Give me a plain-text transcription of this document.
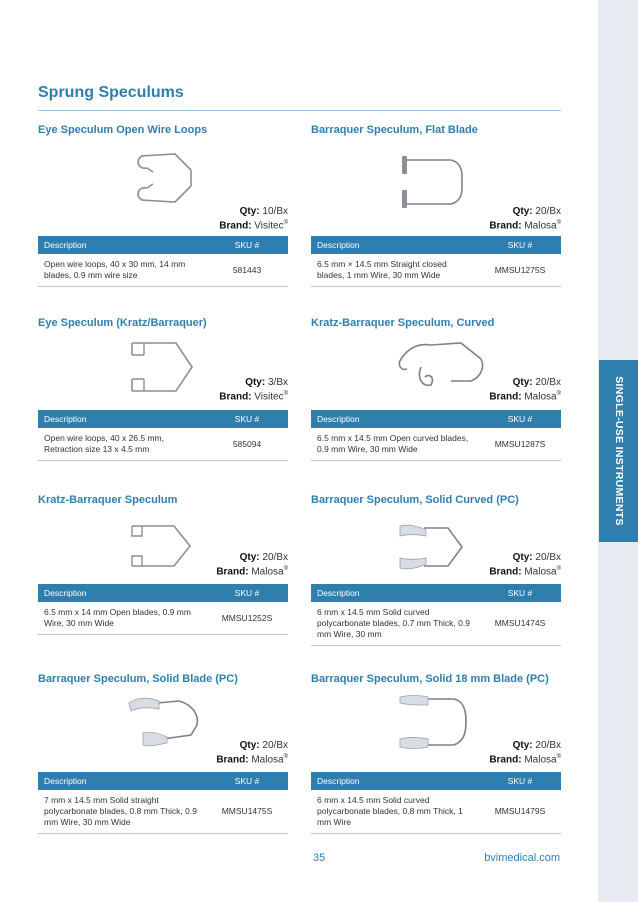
SINGLE-USE INSTRUMENTS
Sprung Speculums
Eye Speculum Open Wire Loops
Qty: 10/Bx
Brand: Visitec®
Description	SKU #
Open wire loops, 40 x 30 mm, 14 mm blades, 0.9 mm wire size	581443
Barraquer Speculum, Flat Blade
Qty: 20/Bx
Brand: Malosa®
Description	SKU #
6.5 mm × 14.5 mm Straight closed blades, 1 mm Wire, 30 mm Wide	MMSU1275S
Eye Speculum (Kratz/Barraquer)
Qty: 3/Bx
Brand: Visitec®
Description	SKU #
Open wire loops, 40 x 26.5 mm, Retraction size 13 x 4.5 mm	585094
Kratz-Barraquer Speculum, Curved
Qty: 20/Bx
Brand: Malosa®
Description	SKU #
6.5 mm x 14.5 mm Open curved blades, 0.9 mm Wire, 30 mm Wide	MMSU1287S
Kratz-Barraquer Speculum
Qty: 20/Bx
Brand: Malosa®
Description	SKU #
6.5 mm x 14 mm Open blades, 0.9 mm Wire, 30 mm Wide	MMSU1252S
Barraquer Speculum, Solid Curved (PC)
Qty: 20/Bx
Brand: Malosa®
Description	SKU #
6 mm x 14.5 mm Solid curved polycarbonate blades, 0.7 mm Thick, 0.9 mm Wire, 30 mm	MMSU1474S
Barraquer Speculum, Solid Blade (PC)
Qty: 20/Bx
Brand: Malosa®
Description	SKU #
7 mm x 14.5 mm Solid straight polycarbonate blades, 0.8 mm Thick, 0.9 mm Wire, 30 mm Wide	MMSU1475S
Barraquer Speculum, Solid 18 mm Blade (PC)
Qty: 20/Bx
Brand: Malosa®
Description	SKU #
6 mm x 14.5 mm Solid curved polycarbonate blades, 0.8 mm Thick, 1 mm Wire	MMSU1479S
35	bvimedical.com
